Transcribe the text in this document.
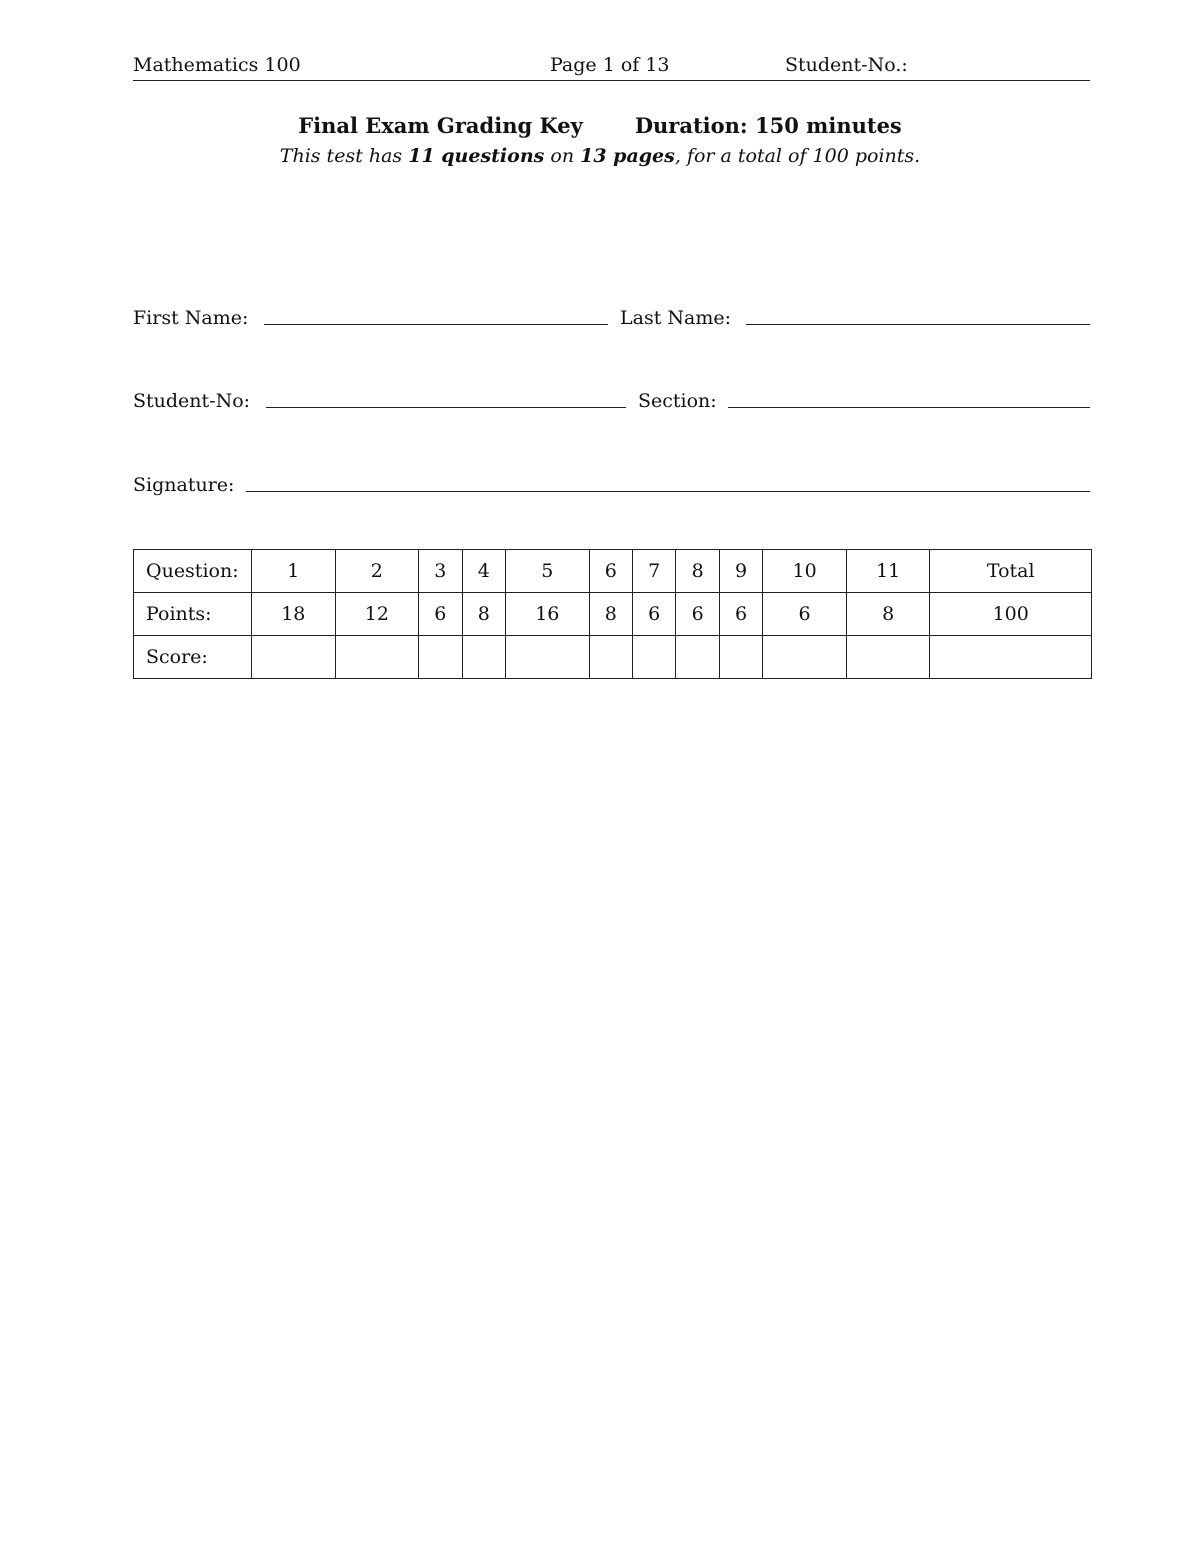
Mathematics 100	Page 1 of 13	Student-No.:
Final Exam Grading Key Duration: 150 minutes
This test has 11 questions on 13 pages, for a total of 100 points.
First Name:	Last Name:
Student-No:	Section:
Signature:
Question:	1	2	3	4	5	6	7	8	9	10	11	Total
Points:	18	12	6	8	16	8	6	6	6	6	8	100
Score:												
